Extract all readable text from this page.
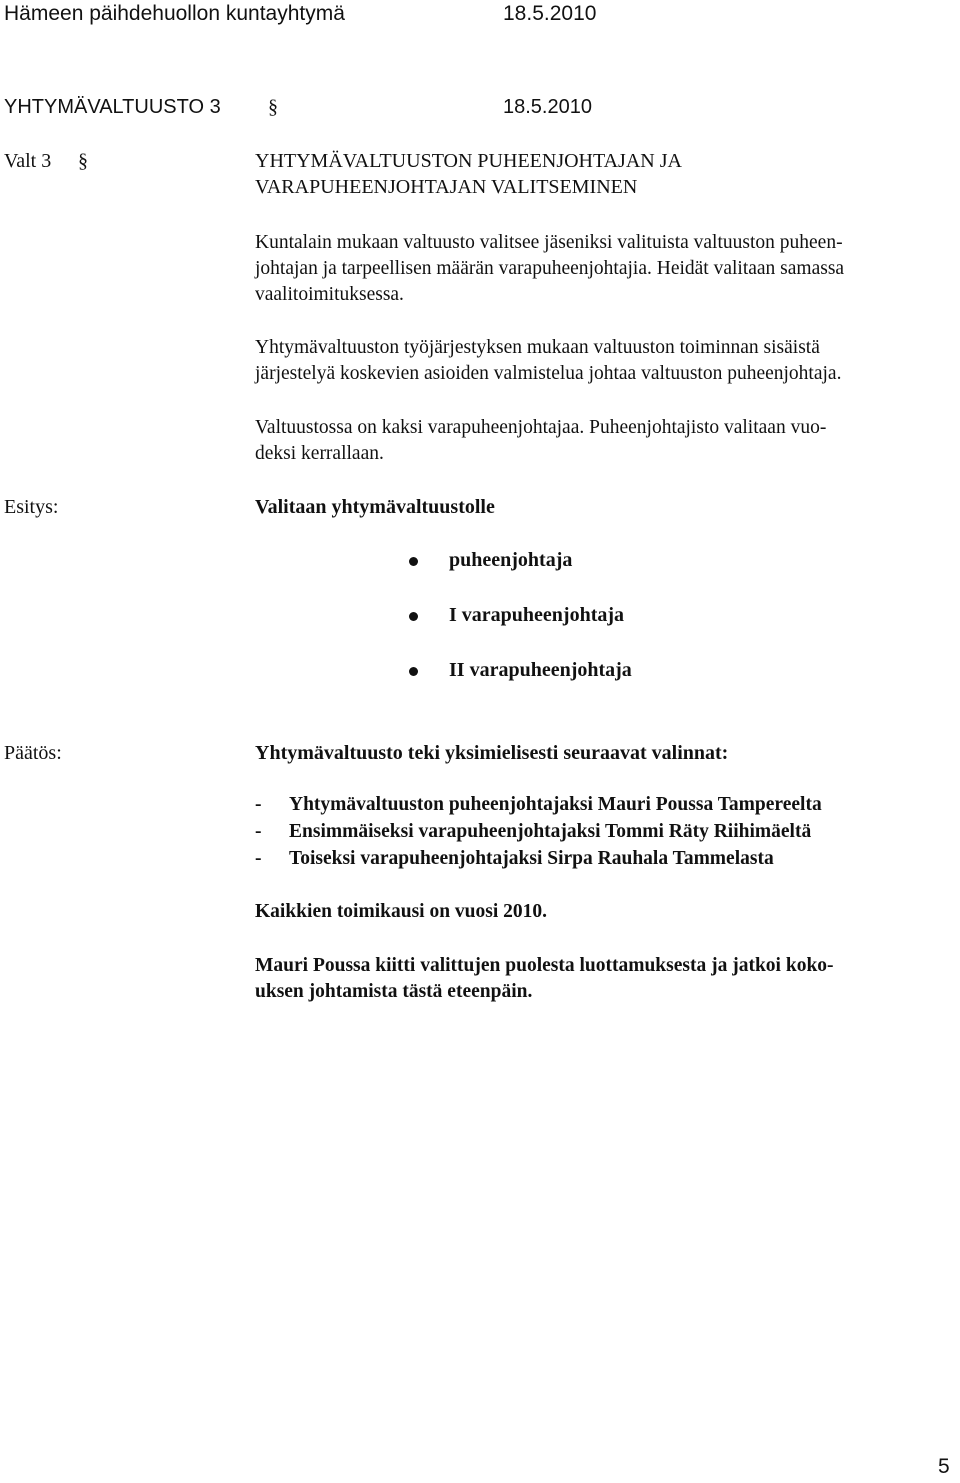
Hämeen päihdehuollon kuntayhtymä	18.5.2010
YHTYMÄVALTUUSTO 3 §	18.5.2010
Valt 3 §	YHTYMÄVALTUUSTON PUHEENJOHTAJAN JA
VARAPUHEENJOHTAJAN VALITSEMINEN
Kuntalain mukaan valtuusto valitsee jäseniksi valituista valtuuston puheen-
johtajan ja tarpeellisen määrän varapuheenjohtajia. Heidät valitaan samassa
vaalitoimituksessa.
Yhtymävaltuuston työjärjestyksen mukaan valtuuston toiminnan sisäistä
järjestelyä koskevien asioiden valmistelua johtaa valtuuston puheenjohtaja.
Valtuustossa on kaksi varapuheenjohtajaa. Puheenjohtajisto valitaan vuo-
deksi kerrallaan.
Esitys:	Valitaan yhtymävaltuustolle
puheenjohtaja
I varapuheenjohtaja
II varapuheenjohtaja
Päätös:	Yhtymävaltuusto teki yksimielisesti seuraavat valinnat:
- Yhtymävaltuuston puheenjohtajaksi Mauri Poussa Tampereelta
- Ensimmäiseksi varapuheenjohtajaksi Tommi Räty Riihimäeltä
- Toiseksi varapuheenjohtajaksi Sirpa Rauhala Tammelasta
Kaikkien toimikausi on vuosi 2010.
Mauri Poussa kiitti valittujen puolesta luottamuksesta ja jatkoi koko-
uksen johtamista tästä eteenpäin.
5
